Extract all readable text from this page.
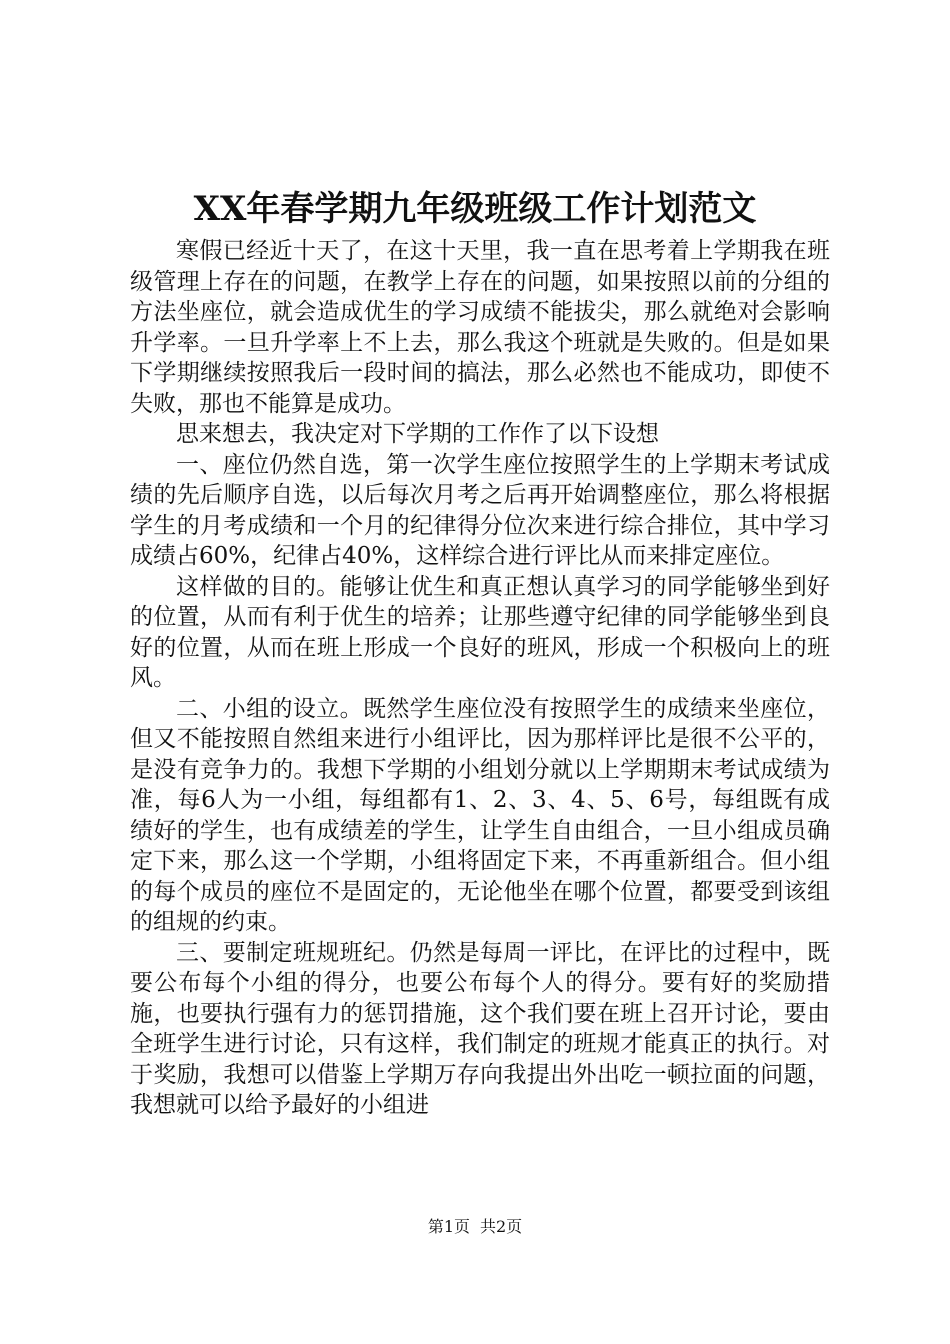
XX年春学期九年级班级工作计划范文

寒假已经近十天了，在这十天里，我一直在思考着上学期我在班级管理上存在的问题，在教学上存在的问题，如果按照以前的分组的方法坐座位，就会造成优生的学习成绩不能拔尖，那么就绝对会影响升学率。一旦升学率上不上去，那么我这个班就是失败的。但是如果下学期继续按照我后一段时间的搞法，那么必然也不能成功，即使不失败，那也不能算是成功。

思来想去，我决定对下学期的工作作了以下设想

一、座位仍然自选，第一次学生座位按照学生的上学期末考试成绩的先后顺序自选，以后每次月考之后再开始调整座位，那么将根据学生的月考成绩和一个月的纪律得分位次来进行综合排位，其中学习成绩占60%，纪律占40%，这样综合进行评比从而来排定座位。

这样做的目的。能够让优生和真正想认真学习的同学能够坐到好的位置，从而有利于优生的培养；让那些遵守纪律的同学能够坐到良好的位置，从而在班上形成一个良好的班风，形成一个积极向上的班风。

二、小组的设立。既然学生座位没有按照学生的成绩来坐座位，但又不能按照自然组来进行小组评比，因为那样评比是很不公平的，是没有竞争力的。我想下学期的小组划分就以上学期期末考试成绩为准，每6人为一小组，每组都有1、2、3、4、5、6号，每组既有成绩好的学生，也有成绩差的学生，让学生自由组合，一旦小组成员确定下来，那么这一个学期，小组将固定下来，不再重新组合。但小组的每个成员的座位不是固定的，无论他坐在哪个位置，都要受到该组的组规的约束。

三、要制定班规班纪。仍然是每周一评比，在评比的过程中，既要公布每个小组的得分，也要公布每个人的得分。要有好的奖励措施，也要执行强有力的惩罚措施，这个我们要在班上召开讨论，要由全班学生进行讨论，只有这样，我们制定的班规才能真正的执行。对于奖励，我想可以借鉴上学期万存向我提出外出吃一顿拉面的问题，我想就可以给予最好的小组进

第1页 共2页
